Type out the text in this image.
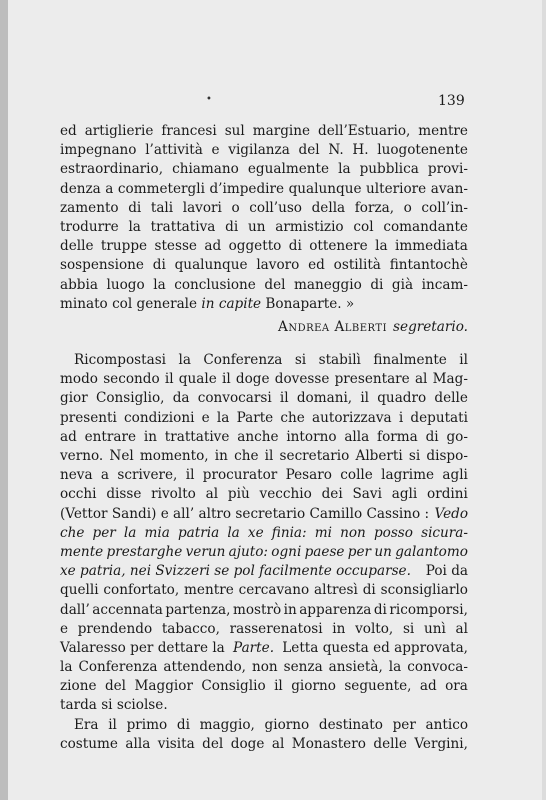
•	139
ed artiglierie francesi sul margine dell’Estuario, mentre
impegnano l’attività e vigilanza del N. H. luogotenente
estraordinario, chiamano egualmente la pubblica provi-
denza a commetergli d’impedire qualunque ulteriore avan-
zamento di tali lavori o coll’uso della forza, o coll’in-
trodurre la trattativa di un armistizio col comandante
delle truppe stesse ad oggetto di ottenere la immediata
sospensione di qualunque lavoro ed ostilità fintantochè
abbia luogo la conclusione del maneggio di già incam-
minato col generale in capite Bonaparte. »
Andrea Alberti segretario.
Ricompostasi la Conferenza si stabilì finalmente il
modo secondo il quale il doge dovesse presentare al Mag-
gior Consiglio, da convocarsi il domani, il quadro delle
presenti condizioni e la Parte che autorizzava i deputati
ad entrare in trattative anche intorno alla forma di go-
verno. Nel momento, in che il secretario Alberti si dispo-
neva a scrivere, il procurator Pesaro colle lagrime agli
occhi disse rivolto al più vecchio dei Savi agli ordini
(Vettor Sandi) e all’ altro secretario Camillo Cassino : Vedo
che per la mia patria la xe finia: mi non posso sicura-
mente prestarghe verun ajuto: ogni paese per un galantomo
xe patria, nei Svizzeri se pol facilmente occuparse. Poi da
quelli confortato, mentre cercavano altresì di sconsigliarlo
dall’ accennata partenza, mostrò in apparenza di ricomporsi,
e prendendo tabacco, rasserenatosi in volto, si unì al
Valaresso per dettare la Parte. Letta questa ed approvata,
la Conferenza attendendo, non senza ansietà, la convoca-
zione del Maggior Consiglio il giorno seguente, ad ora
tarda si sciolse.
Era il primo di maggio, giorno destinato per antico
costume alla visita del doge al Monastero delle Vergini,
